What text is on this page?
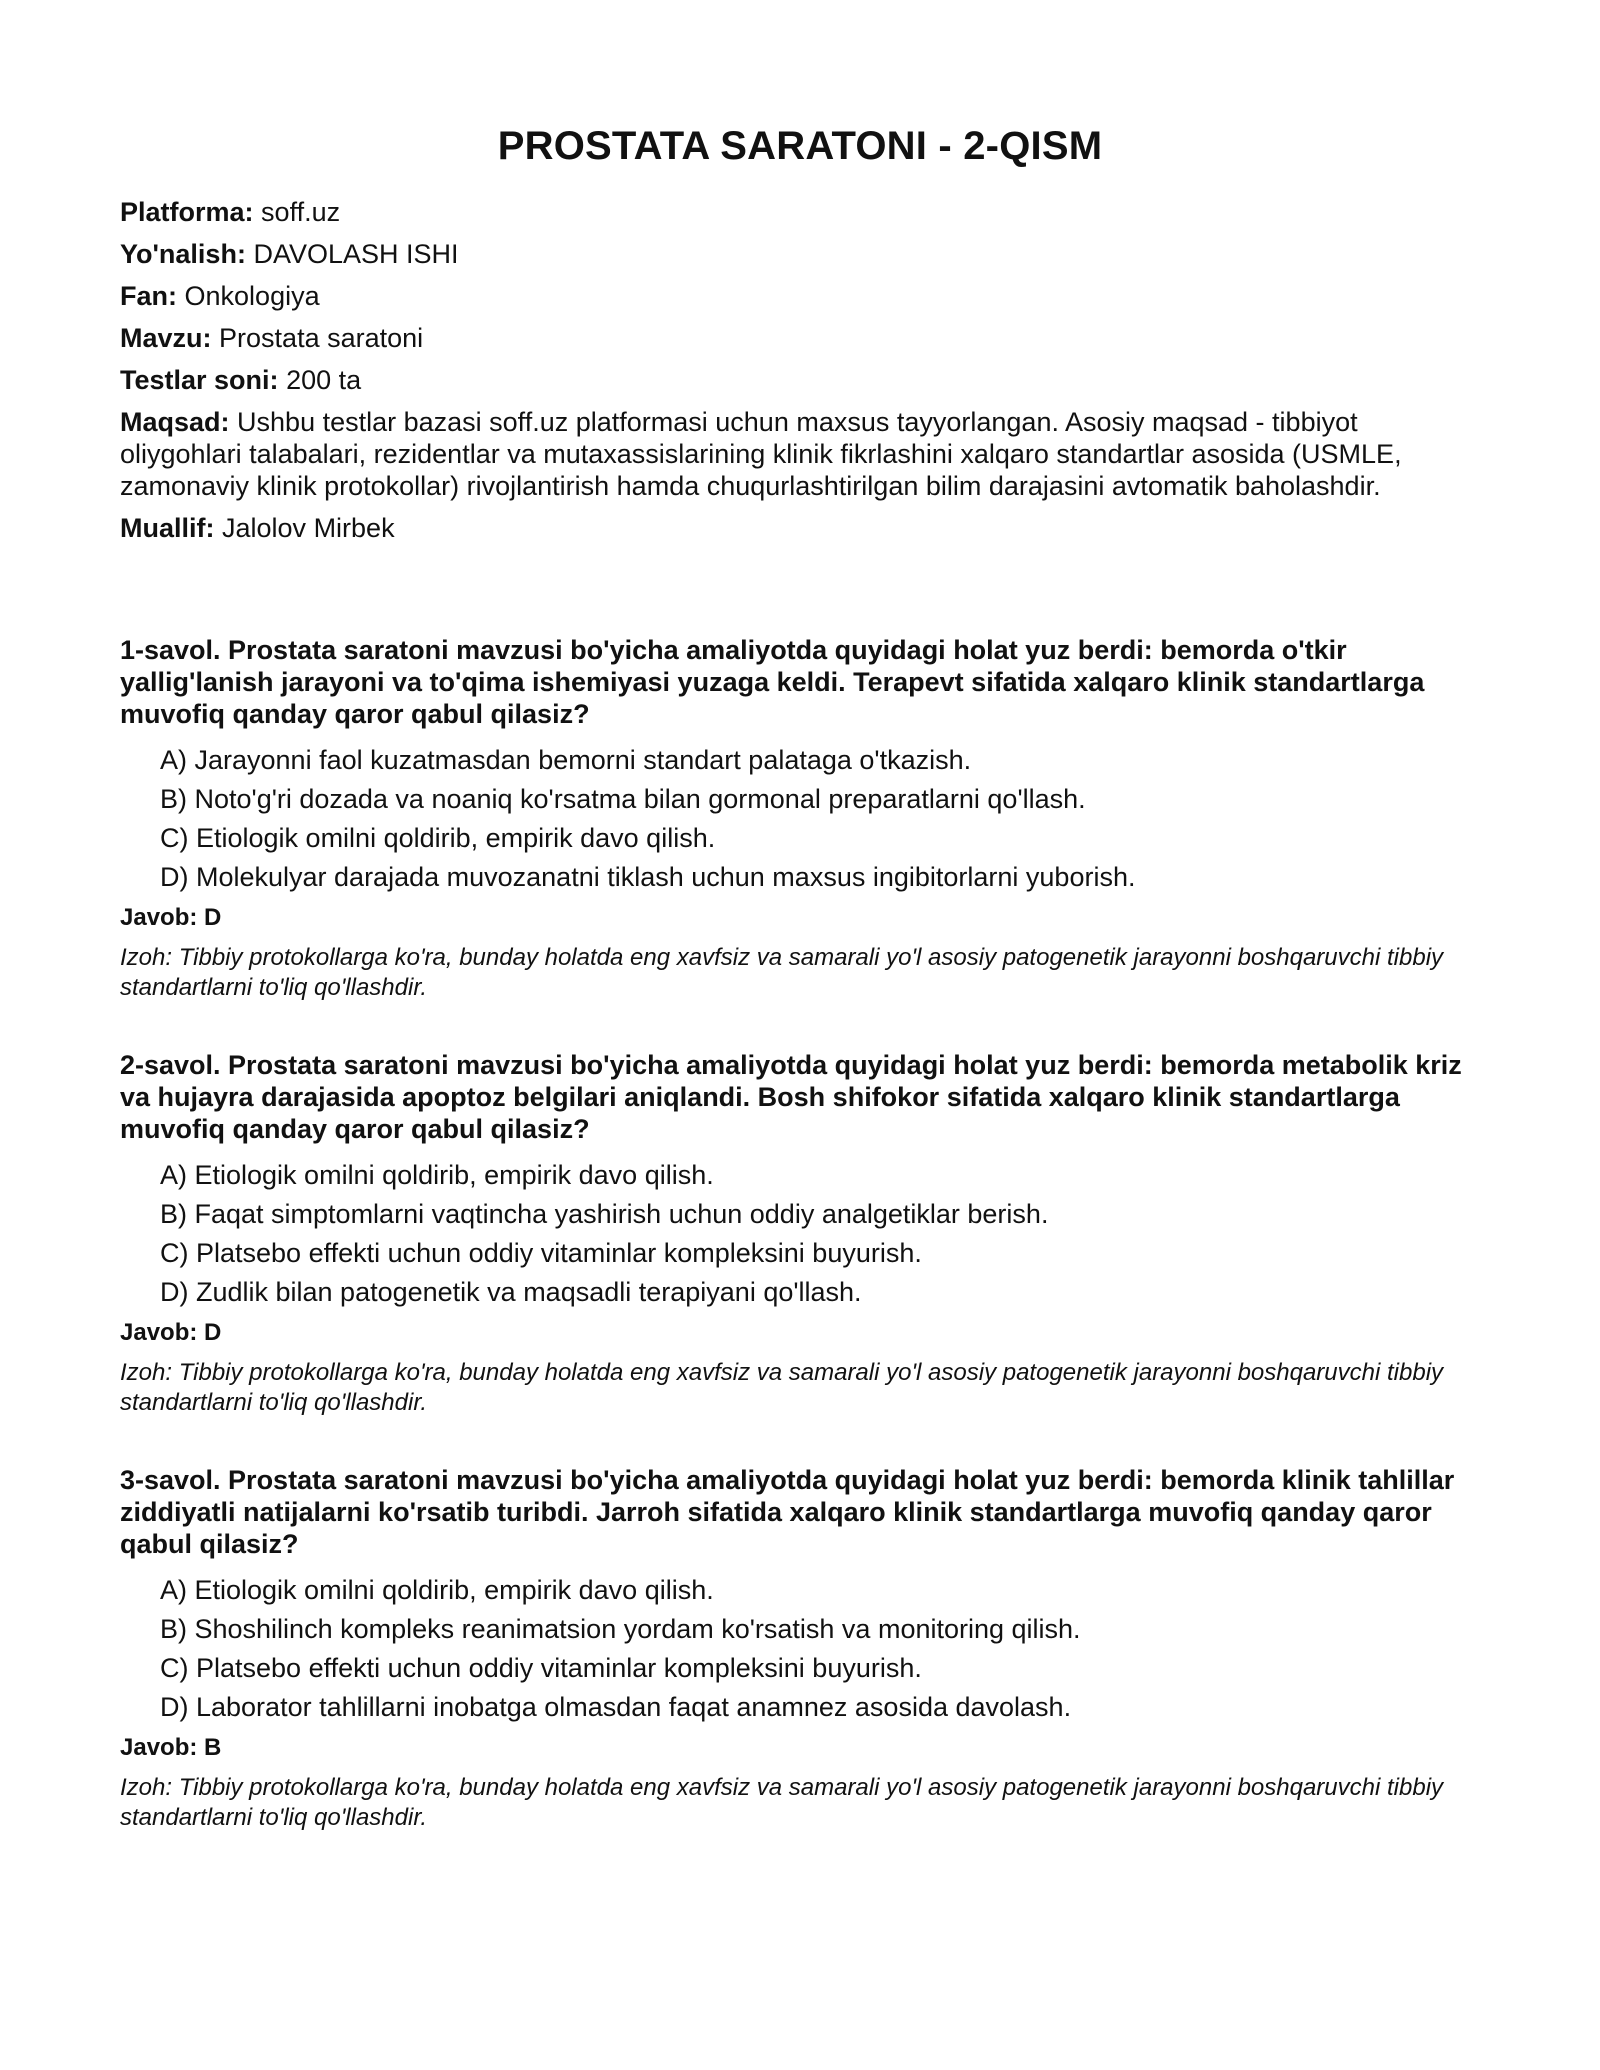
PROSTATA SARATONI - 2-QISM

Platforma: soff.uz

Yo'nalish: DAVOLASH ISHI

Fan: Onkologiya

Mavzu: Prostata saratoni

Testlar soni: 200 ta

Maqsad: Ushbu testlar bazasi soff.uz platformasi uchun maxsus tayyorlangan. Asosiy maqsad - tibbiyot oliygohlari talabalari, rezidentlar va mutaxassislarining klinik fikrlashini xalqaro standartlar asosida (USMLE, zamonaviy klinik protokollar) rivojlantirish hamda chuqurlashtirilgan bilim darajasini avtomatik baholashdir.

Muallif: Jalolov Mirbek

1-savol. Prostata saratoni mavzusi bo'yicha amaliyotda quyidagi holat yuz berdi: bemorda o'tkir yallig'lanish jarayoni va to'qima ishemiyasi yuzaga keldi. Terapevt sifatida xalqaro klinik standartlarga muvofiq qanday qaror qabul qilasiz?

A) Jarayonni faol kuzatmasdan bemorni standart palataga o'tkazish.
B) Noto'g'ri dozada va noaniq ko'rsatma bilan gormonal preparatlarni qo'llash.
C) Etiologik omilni qoldirib, empirik davo qilish.
D) Molekulyar darajada muvozanatni tiklash uchun maxsus ingibitorlarni yuborish.

Javob: D

Izoh: Tibbiy protokollarga ko'ra, bunday holatda eng xavfsiz va samarali yo'l asosiy patogenetik jarayonni boshqaruvchi tibbiy standartlarni to'liq qo'llashdir.

2-savol. Prostata saratoni mavzusi bo'yicha amaliyotda quyidagi holat yuz berdi: bemorda metabolik kriz va hujayra darajasida apoptoz belgilari aniqlandi. Bosh shifokor sifatida xalqaro klinik standartlarga muvofiq qanday qaror qabul qilasiz?

A) Etiologik omilni qoldirib, empirik davo qilish.
B) Faqat simptomlarni vaqtincha yashirish uchun oddiy analgetiklar berish.
C) Platsebo effekti uchun oddiy vitaminlar kompleksini buyurish.
D) Zudlik bilan patogenetik va maqsadli terapiyani qo'llash.

Javob: D

Izoh: Tibbiy protokollarga ko'ra, bunday holatda eng xavfsiz va samarali yo'l asosiy patogenetik jarayonni boshqaruvchi tibbiy standartlarni to'liq qo'llashdir.

3-savol. Prostata saratoni mavzusi bo'yicha amaliyotda quyidagi holat yuz berdi: bemorda klinik tahlillar ziddiyatli natijalarni ko'rsatib turibdi. Jarroh sifatida xalqaro klinik standartlarga muvofiq qanday qaror qabul qilasiz?

A) Etiologik omilni qoldirib, empirik davo qilish.
B) Shoshilinch kompleks reanimatsion yordam ko'rsatish va monitoring qilish.
C) Platsebo effekti uchun oddiy vitaminlar kompleksini buyurish.
D) Laborator tahlillarni inobatga olmasdan faqat anamnez asosida davolash.

Javob: B

Izoh: Tibbiy protokollarga ko'ra, bunday holatda eng xavfsiz va samarali yo'l asosiy patogenetik jarayonni boshqaruvchi tibbiy standartlarni to'liq qo'llashdir.
